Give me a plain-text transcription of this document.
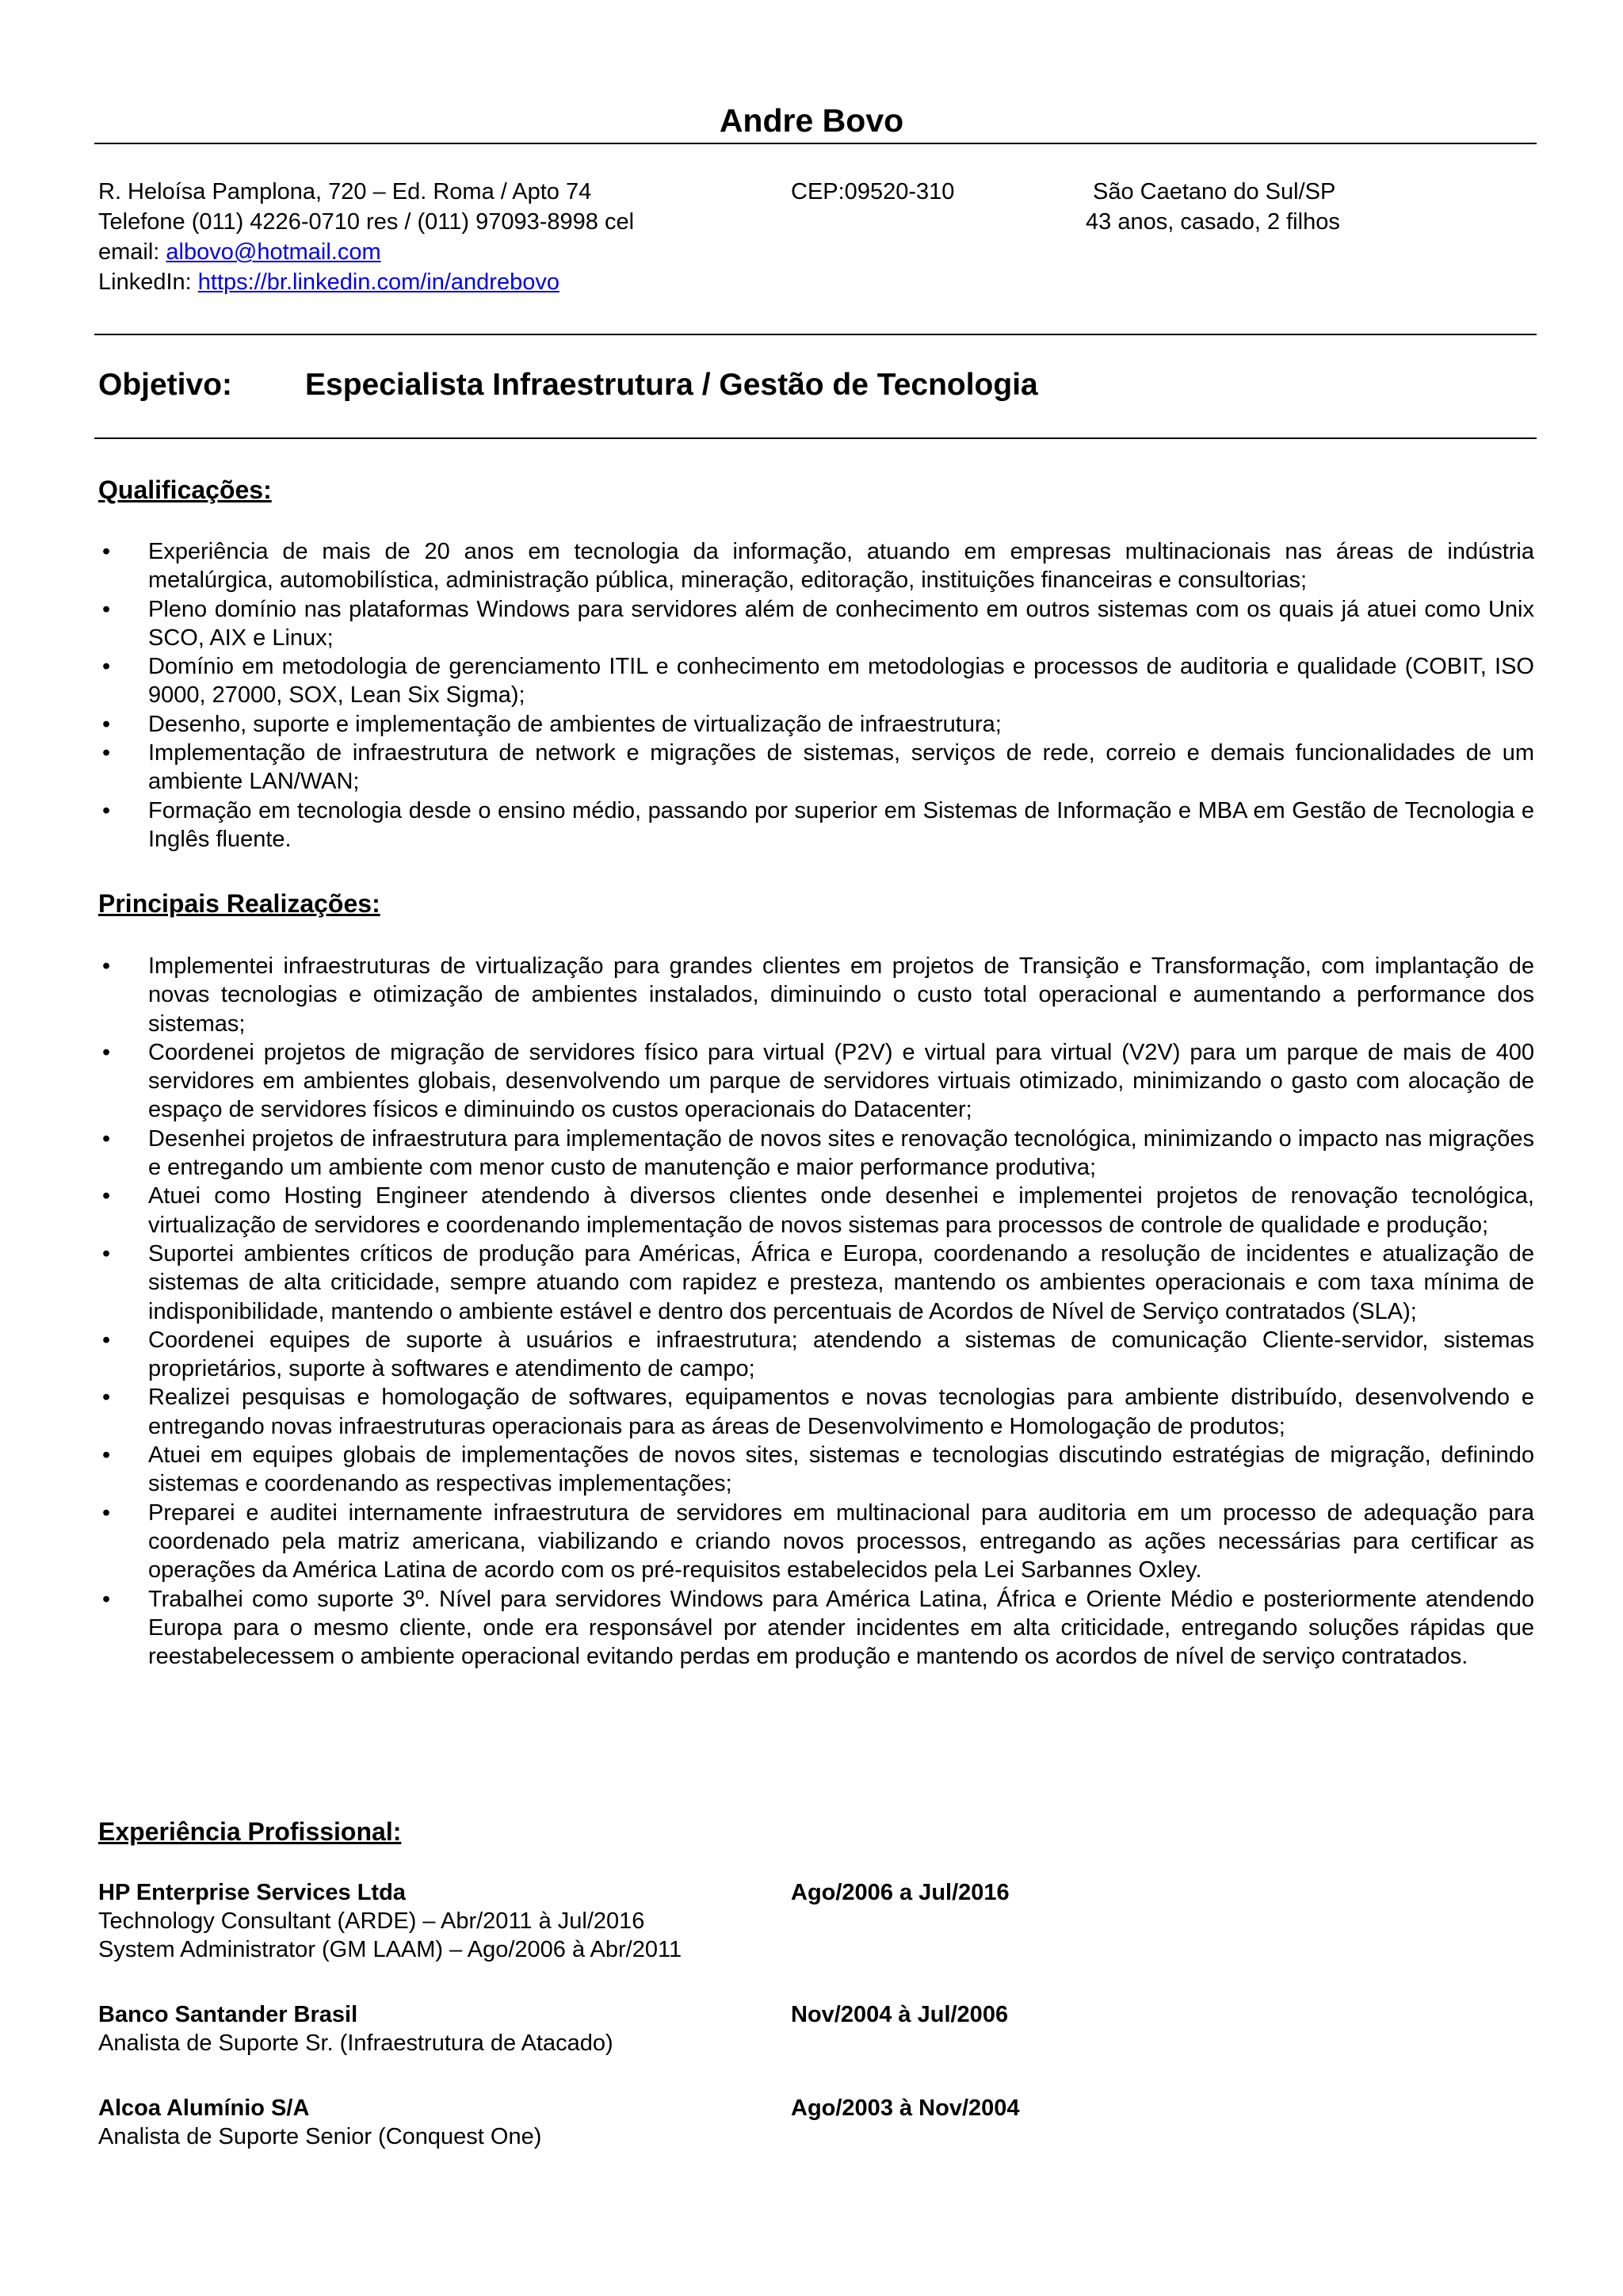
Andre Bovo
R. Heloísa Pamplona, 720 – Ed. Roma / Apto 74	CEP:09520-310	São Caetano do Sul/SP
Telefone (011) 4226-0710 res / (011) 97093-8998 cel	43 anos, casado, 2 filhos
email: albovo@hotmail.com
LinkedIn: https://br.linkedin.com/in/andrebovo
Objetivo: Especialista Infraestrutura / Gestão de Tecnologia
Qualificações:
• Experiência de mais de 20 anos em tecnologia da informação, atuando em empresas multinacionais nas áreas de indústria metalúrgica, automobilística, administração pública, mineração, editoração, instituições financeiras e consultorias;
• Pleno domínio nas plataformas Windows para servidores além de conhecimento em outros sistemas com os quais já atuei como Unix SCO, AIX e Linux;
• Domínio em metodologia de gerenciamento ITIL e conhecimento em metodologias e processos de auditoria e qualidade (COBIT, ISO 9000, 27000, SOX, Lean Six Sigma);
• Desenho, suporte e implementação de ambientes de virtualização de infraestrutura;
• Implementação de infraestrutura de network e migrações de sistemas, serviços de rede, correio e demais funcionalidades de um ambiente LAN/WAN;
• Formação em tecnologia desde o ensino médio, passando por superior em Sistemas de Informação e MBA em Gestão de Tecnologia e Inglês fluente.
Principais Realizações:
• Implementei infraestruturas de virtualização para grandes clientes em projetos de Transição e Transformação, com implantação de novas tecnologias e otimização de ambientes instalados, diminuindo o custo total operacional e aumentando a performance dos sistemas;
• Coordenei projetos de migração de servidores físico para virtual (P2V) e virtual para virtual (V2V) para um parque de mais de 400 servidores em ambientes globais, desenvolvendo um parque de servidores virtuais otimizado, minimizando o gasto com alocação de espaço de servidores físicos e diminuindo os custos operacionais do Datacenter;
• Desenhei projetos de infraestrutura para implementação de novos sites e renovação tecnológica, minimizando o impacto nas migrações e entregando um ambiente com menor custo de manutenção e maior performance produtiva;
• Atuei como Hosting Engineer atendendo à diversos clientes onde desenhei e implementei projetos de renovação tecnológica, virtualização de servidores e coordenando implementação de novos sistemas para processos de controle de qualidade e produção;
• Suportei ambientes críticos de produção para Américas, África e Europa, coordenando a resolução de incidentes e atualização de sistemas de alta criticidade, sempre atuando com rapidez e presteza, mantendo os ambientes operacionais e com taxa mínima de indisponibilidade, mantendo o ambiente estável e dentro dos percentuais de Acordos de Nível de Serviço contratados (SLA);
• Coordenei equipes de suporte à usuários e infraestrutura; atendendo a sistemas de comunicação Cliente-servidor, sistemas proprietários, suporte à softwares e atendimento de campo;
• Realizei pesquisas e homologação de softwares, equipamentos e novas tecnologias para ambiente distribuído, desenvolvendo e entregando novas infraestruturas operacionais para as áreas de Desenvolvimento e Homologação de produtos;
• Atuei em equipes globais de implementações de novos sites, sistemas e tecnologias discutindo estratégias de migração, definindo sistemas e coordenando as respectivas implementações;
• Preparei e auditei internamente infraestrutura de servidores em multinacional para auditoria em um processo de adequação para coordenado pela matriz americana, viabilizando e criando novos processos, entregando as ações necessárias para certificar as operações da América Latina de acordo com os pré-requisitos estabelecidos pela Lei Sarbannes Oxley.
• Trabalhei como suporte 3º. Nível para servidores Windows para América Latina, África e Oriente Médio e posteriormente atendendo Europa para o mesmo cliente, onde era responsável por atender incidentes em alta criticidade, entregando soluções rápidas que reestabelecessem o ambiente operacional evitando perdas em produção e mantendo os acordos de nível de serviço contratados.
Experiência Profissional:
HP Enterprise Services Ltda	Ago/2006 a Jul/2016
Technology Consultant (ARDE) – Abr/2011 à Jul/2016
System Administrator (GM LAAM) – Ago/2006 à Abr/2011
Banco Santander Brasil	Nov/2004 à Jul/2006
Analista de Suporte Sr. (Infraestrutura de Atacado)
Alcoa Alumínio S/A	Ago/2003 à Nov/2004
Analista de Suporte Senior (Conquest One)
